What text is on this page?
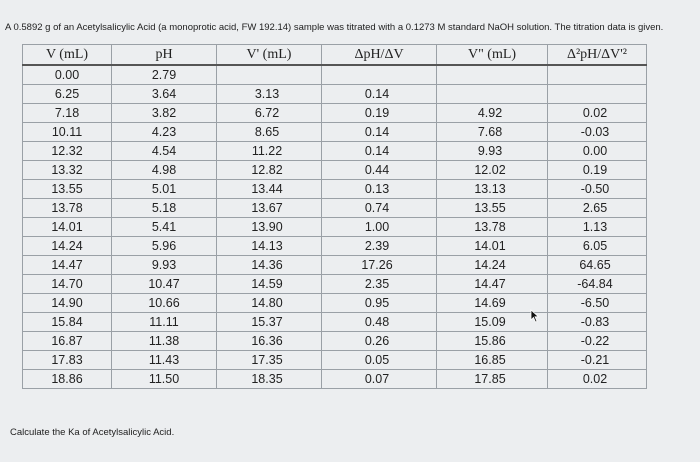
A 0.5892 g of an Acetylsalicylic Acid (a monoprotic acid, FW 192.14) sample was titrated with a 0.1273 M standard NaOH solution. The titration data is given.
V (mL)	pH	V' (mL)	ΔpH/ΔV	V" (mL)	Δ²pH/ΔV'²
0.00	2.79				
6.25	3.64	3.13	0.14		
7.18	3.82	6.72	0.19	4.92	0.02
10.11	4.23	8.65	0.14	7.68	-0.03
12.32	4.54	11.22	0.14	9.93	0.00
13.32	4.98	12.82	0.44	12.02	0.19
13.55	5.01	13.44	0.13	13.13	-0.50
13.78	5.18	13.67	0.74	13.55	2.65
14.01	5.41	13.90	1.00	13.78	1.13
14.24	5.96	14.13	2.39	14.01	6.05
14.47	9.93	14.36	17.26	14.24	64.65
14.70	10.47	14.59	2.35	14.47	-64.84
14.90	10.66	14.80	0.95	14.69	-6.50
15.84	11.11	15.37	0.48	15.09	-0.83
16.87	11.38	16.36	0.26	15.86	-0.22
17.83	11.43	17.35	0.05	16.85	-0.21
18.86	11.50	18.35	0.07	17.85	0.02
Calculate the Ka of Acetylsalicylic Acid.
